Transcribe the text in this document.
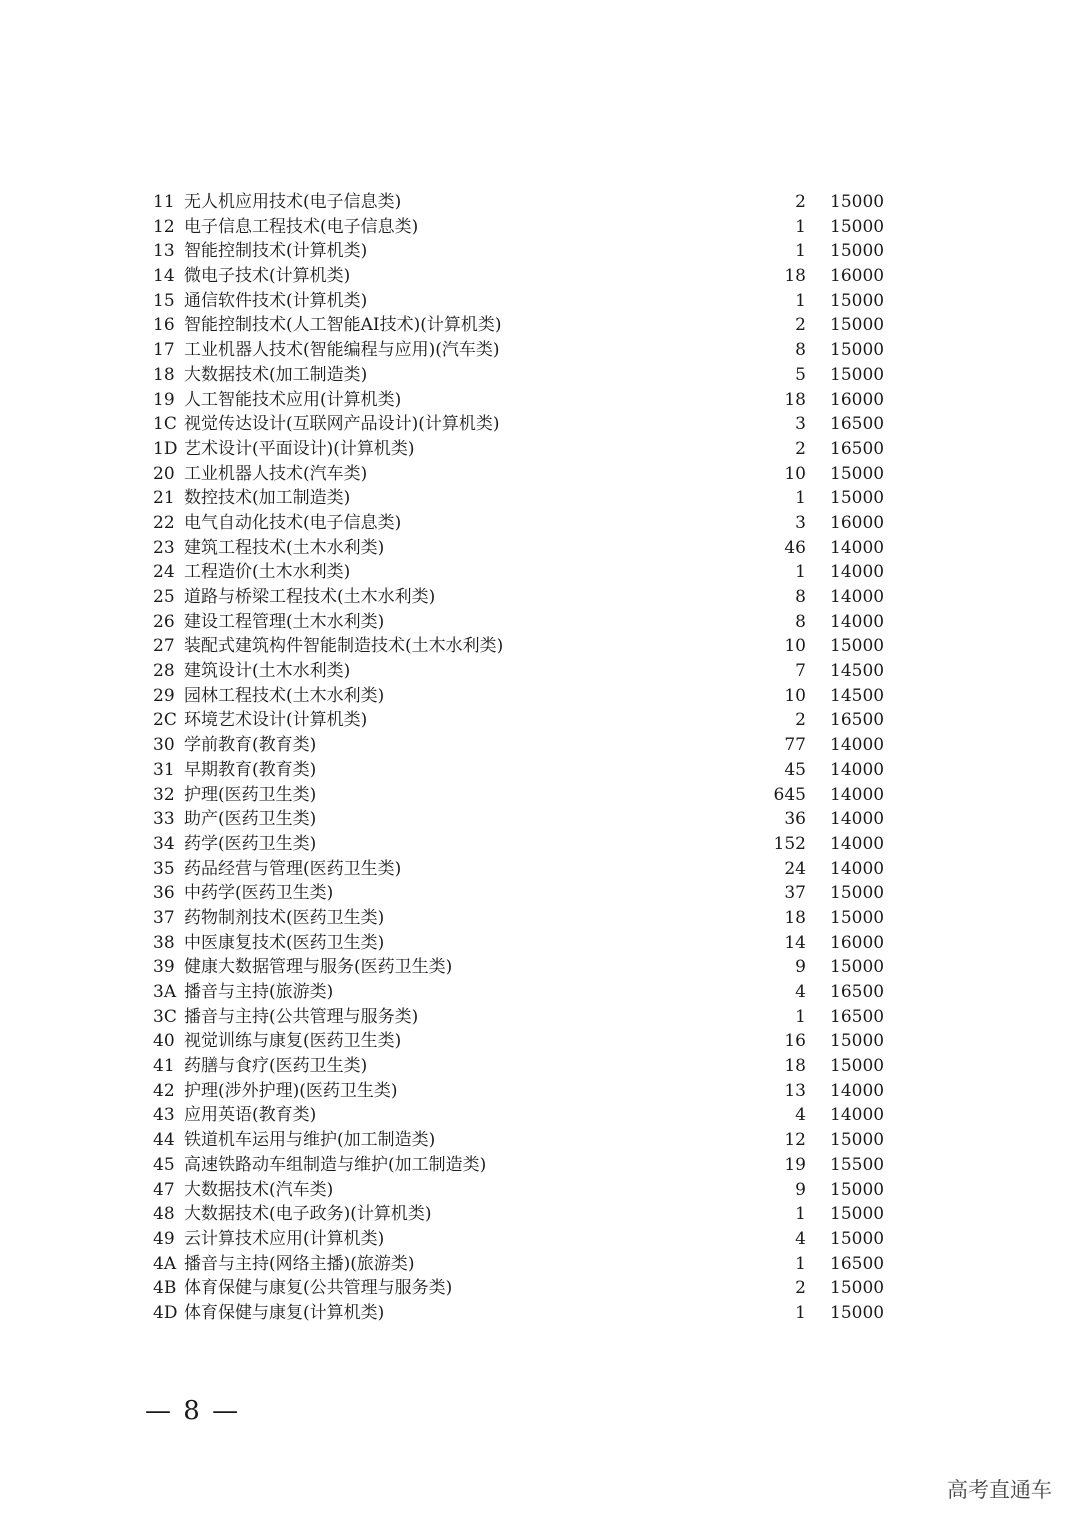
11 无人机应用技术(电子信息类)	2 15000
12 电子信息工程技术(电子信息类)	1 15000
13 智能控制技术(计算机类)	1 15000
14 微电子技术(计算机类)	18 16000
15 通信软件技术(计算机类)	1 15000
16 智能控制技术(人工智能AI技术)(计算机类)	2 15000
17 工业机器人技术(智能编程与应用)(汽车类)	8 15000
18 大数据技术(加工制造类)	5 15000
19 人工智能技术应用(计算机类)	18 16000
1C 视觉传达设计(互联网产品设计)(计算机类)	3 16500
1D 艺术设计(平面设计)(计算机类)	2 16500
20 工业机器人技术(汽车类)	10 15000
21 数控技术(加工制造类)	1 15000
22 电气自动化技术(电子信息类)	3 16000
23 建筑工程技术(土木水利类)	46 14000
24 工程造价(土木水利类)	1 14000
25 道路与桥梁工程技术(土木水利类)	8 14000
26 建设工程管理(土木水利类)	8 14000
27 装配式建筑构件智能制造技术(土木水利类)	10 15000
28 建筑设计(土木水利类)	7 14500
29 园林工程技术(土木水利类)	10 14500
2C 环境艺术设计(计算机类)	2 16500
30 学前教育(教育类)	77 14000
31 早期教育(教育类)	45 14000
32 护理(医药卫生类)	645 14000
33 助产(医药卫生类)	36 14000
34 药学(医药卫生类)	152 14000
35 药品经营与管理(医药卫生类)	24 14000
36 中药学(医药卫生类)	37 15000
37 药物制剂技术(医药卫生类)	18 15000
38 中医康复技术(医药卫生类)	14 16000
39 健康大数据管理与服务(医药卫生类)	9 15000
3A 播音与主持(旅游类)	4 16500
3C 播音与主持(公共管理与服务类)	1 16500
40 视觉训练与康复(医药卫生类)	16 15000
41 药膳与食疗(医药卫生类)	18 15000
42 护理(涉外护理)(医药卫生类)	13 14000
43 应用英语(教育类)	4 14000
44 铁道机车运用与维护(加工制造类)	12 15000
45 高速铁路动车组制造与维护(加工制造类)	19 15500
47 大数据技术(汽车类)	9 15000
48 大数据技术(电子政务)(计算机类)	1 15000
49 云计算技术应用(计算机类)	4 15000
4A 播音与主持(网络主播)(旅游类)	1 16500
4B 体育保健与康复(公共管理与服务类)	2 15000
4D 体育保健与康复(计算机类)	1 15000
— 8 —
高考直通车
